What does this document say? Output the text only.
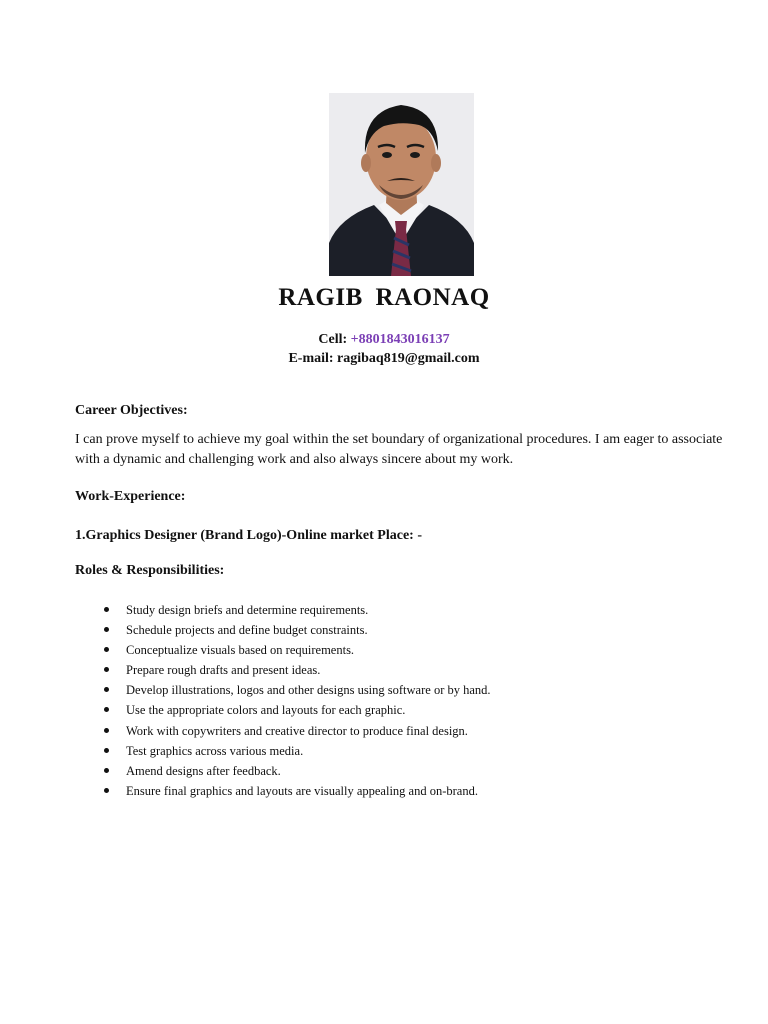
RAGIB RAONAQ
Cell: +8801843016137
E-mail: ragibaq819@gmail.com
Career Objectives:
I can prove myself to achieve my goal within the set boundary of organizational procedures. I am eager to associate with a dynamic and challenging work and also always sincere about my work.
Work-Experience:
1.Graphics Designer (Brand Logo)-Online market Place: -
Roles & Responsibilities:
Study design briefs and determine requirements.
Schedule projects and define budget constraints.
Conceptualize visuals based on requirements.
Prepare rough drafts and present ideas.
Develop illustrations, logos and other designs using software or by hand.
Use the appropriate colors and layouts for each graphic.
Work with copywriters and creative director to produce final design.
Test graphics across various media.
Amend designs after feedback.
Ensure final graphics and layouts are visually appealing and on-brand.
